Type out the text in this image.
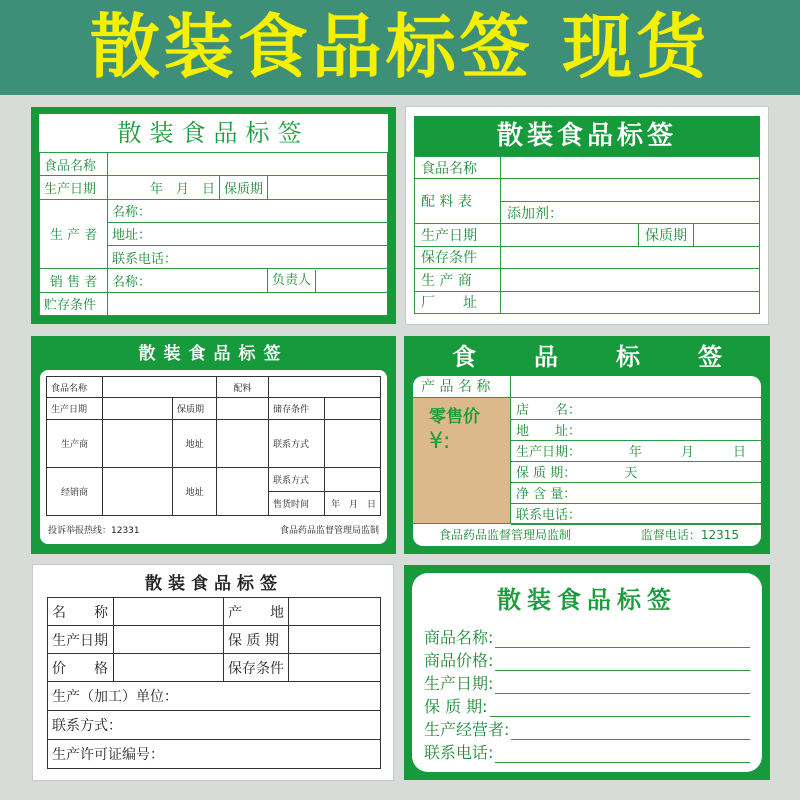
散装食品标签 现货
散装食品标签
食品名称			
生产日期	年　月　日	保质期	
生 产 者	名称：		
	地址：		
	联系电话：		
销 售 者	名称：		负责人
贮存条件			
散装食品标签
食品名称			
配 料 表			
	添加剂：		
生产日期		保质期	
保存条件			
生 产 商			
厂　　址			
散装食品标签
食品名称			配料		
生产日期		保质期		储存条件	
生产商		地址		联系方式	
经销商		地址		联系方式	
				售货时间	年　月　日
投诉举报热线：12331	食品药品监督管理局监制
食 品 标 签
产 品 名 称
零售价
¥:
店　　名：
地　　址：
生产日期：	年　　　月　　　日
保 质 期：	天
净 含 量：
联系电话：
食品药品监督管理局监制	监督电话：12315
散装食品标签
名　　称		产　　地	
生产日期		保 质 期	
价　　格		保存条件	
生产（加工）单位：			
联系方式：			
生产许可证编号：			
散装食品标签
商品名称:
商品价格:
生产日期:
保 质 期:
生产经营者:
联系电话:
